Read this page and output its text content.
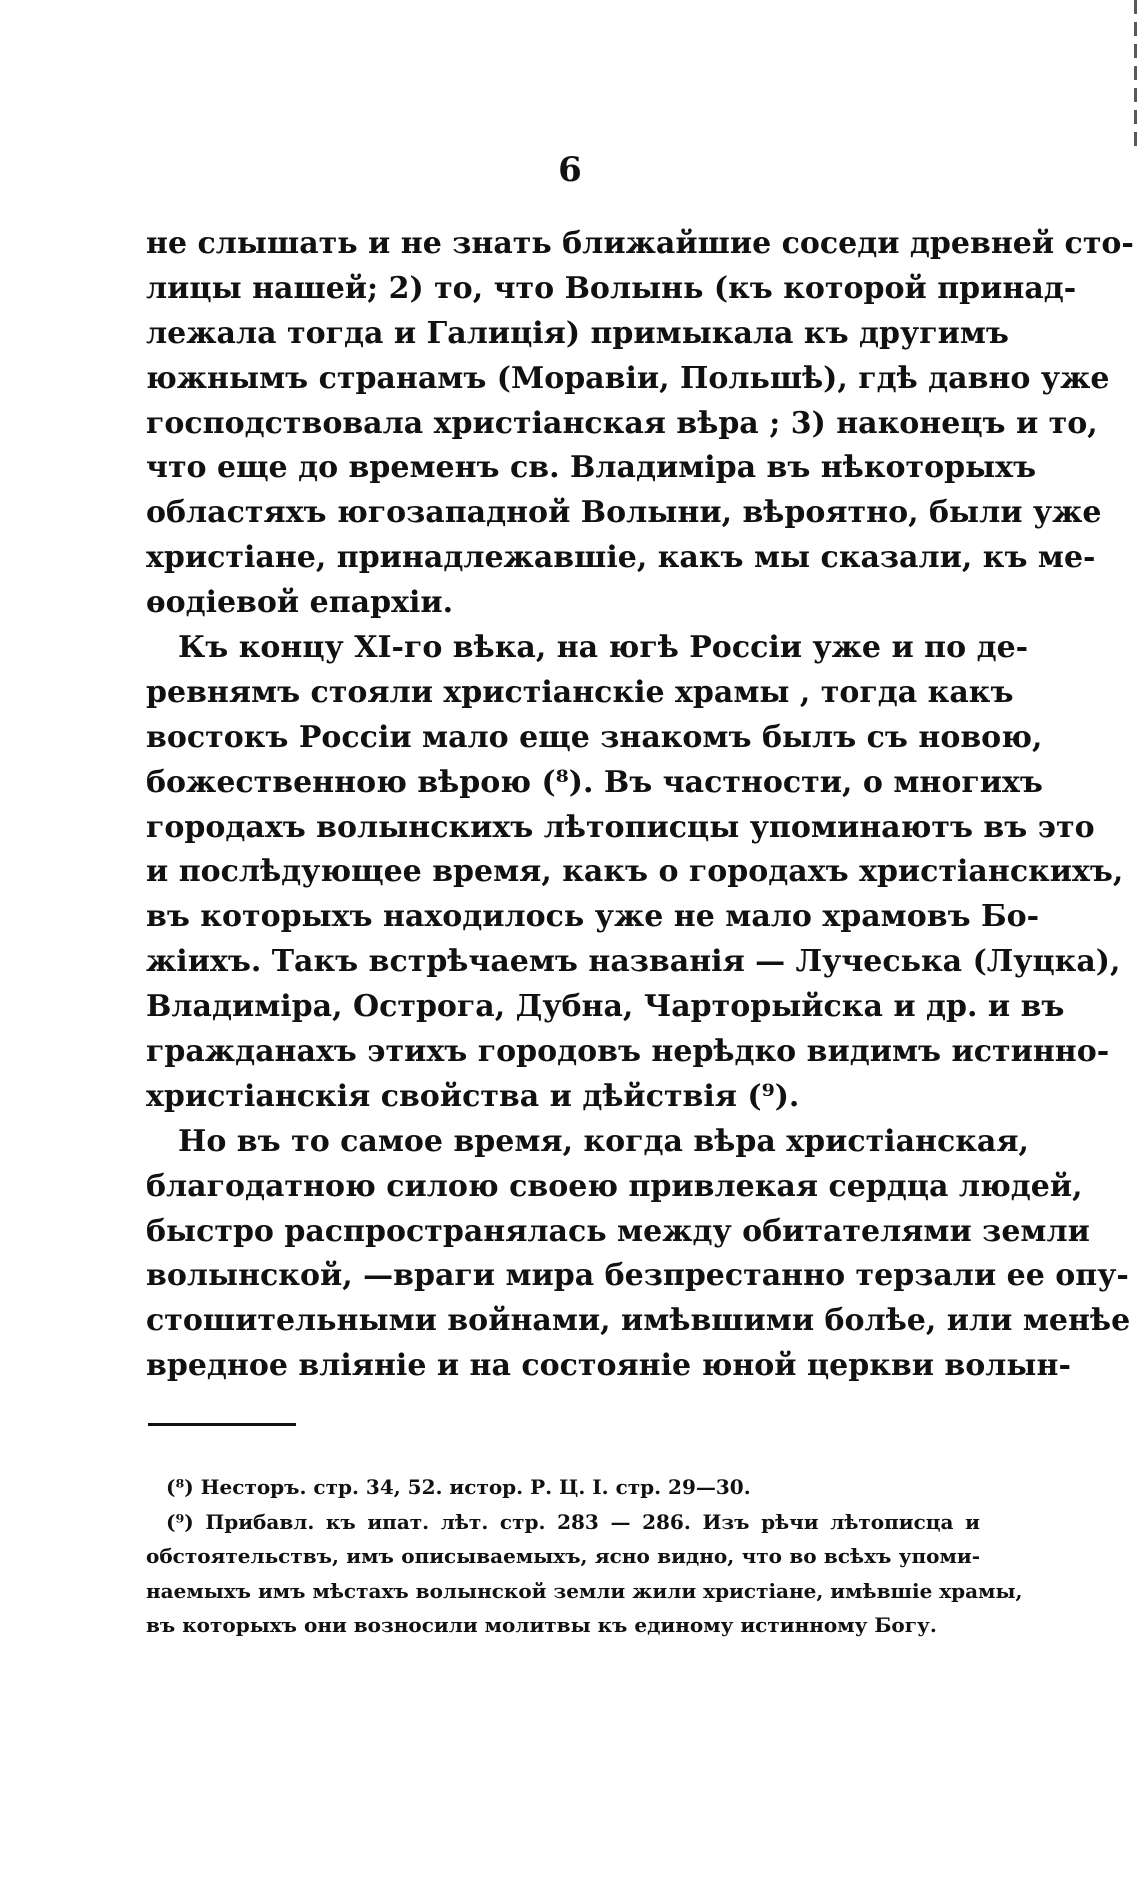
6
не слышать и не знать ближайшие соседи древней сто-
лицы нашей; 2) то, что Волынь (къ которой принад-
лежала тогда и Галиція) примыкала къ другимъ
южнымъ странамъ (Моравіи, Польшѣ), гдѣ давно уже
господствовала христіанская вѣра ; 3) наконецъ и то,
что еще до временъ св. Владиміра въ нѣкоторыхъ
областяхъ югозападной Волыни, вѣроятно, были уже
христіане, принадлежавшіе, какъ мы сказали, къ ме-
ѳодіевой епархіи.
Къ концу XI-го вѣка, на югѣ Россіи уже и по де-
ревнямъ стояли христіанскіе храмы , тогда какъ
востокъ Россіи мало еще знакомъ былъ съ новою,
божественною вѣрою (⁸). Въ частности, о многихъ
городахъ волынскихъ лѣтописцы упоминаютъ въ это
и послѣдующее время, какъ о городахъ христіанскихъ,
въ которыхъ находилось уже не мало храмовъ Бо-
жіихъ. Такъ встрѣчаемъ названія — Лучеська (Луцка),
Владиміра, Острога, Дубна, Чарторыйска и др. и въ
гражданахъ этихъ городовъ нерѣдко видимъ истинно-
христіанскія свойства и дѣйствія (⁹).
Но въ то самое время, когда вѣра христіанская,
благодатною силою своею привлекая сердца людей,
быстро распространялась между обитателями земли
волынской, —враги мира безпрестанно терзали ее опу-
стошительными войнами, имѣвшими болѣе, или менѣе
вредное вліяніе и на состояніе юной церкви волын-
(⁸) Несторъ. стр. 34, 52. истор. Р. Ц. I. стр. 29—30.
(⁹) Прибавл. къ ипат. лѣт. стр. 283 — 286. Изъ рѣчи лѣтописца и
обстоятельствъ, имъ описываемыхъ, ясно видно, что во всѣхъ упоми-
наемыхъ имъ мѣстахъ волынской земли жили христіане, имѣвшіе храмы,
въ которыхъ они возносили молитвы къ единому истинному Богу.
